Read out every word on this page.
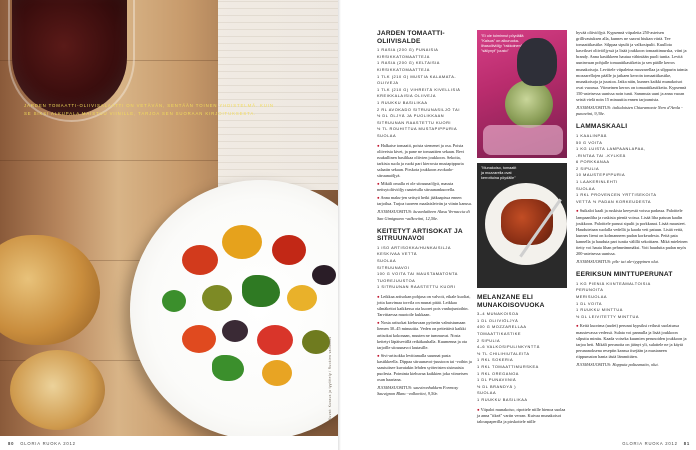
JARDEN TOMAATTI-OLIIVISALAATTI ON VETÄVÄN, SENTÄÄN TOINEN YHDISTELMÄ. KUIN SE SIKSI ALKUPALA MAISTUU VIINILLE, TARJOA SEN SUORAAN KIRJOITUKSESTA.
Kuvat: Kuvaus ja tyylittely / Ruokien valmistus
80 GLORIA RUOKA 2012
JARDEN TOMAATTI-OLIIVISALDE
1 RASIA (200 G) PUNAISIA
KIRSIKKATOMAATTEJA
1 RASIA (200 G) KELTAISIA
KIRSIKKATOMAATTEJA
1 TLK (210 G) MUSTIA KALAMATA-
OLIIVEJA
1 TLK (210 G) VIHREITÄ KIVELLISIÄ
KREIKKALAISIA OLIIVEJA
1 RUUKKU BASILIKAA
2 RL AVOKADO SITRUUNASILJÖ TAI
½ DL ÖLJYÄ JA PUOLIKKAAN
SITRUUNAN RAASTETTU KUORI
½ TL ROUHITTUA MUSTAPIPPURIA
SUOLAA
● Halkaise tomaatit, poista siemenet ja osa. Poista oliiveista kivet, ja pane ne tomaattien sekaan. Revi ruukullinen basilikaa oliivien joukkoon. Sekoita, tarkista suola ja ruoki pari kierrosta mustapippuria salaatin sekaan. Pirskota joukkoon avokado-sitruunaöljyä.
● Mikäli omalla et ole sitruunaöljyä, maustа neitsytoliiviöljy raastetulla sitruunankuorella.
● Anna maku-jen seitsyä hetki jääkaapissa ennen tarjoilua. Tarjoa tuoreen maalaisleivän ja viinin kanssa.
JUOMASUOSITUS: kuvanlaiheen Alasu Vernaccia di San Gimignano -valkoviini, 12,50e.
KEITETYT ARTISOKAT JA SITRUUNAVOI
1 ISO ARTISOKKA/HUNKAISILJA
KESKIVAA VETTÄ
SUOLAA
SITRUUNAVOI
100 G VOITA TAI MAUSTAMATONTA
TUOREJUUSTOA
1 SITRUUNAN RAASTETTU KUORI
● Leikkaa artisokan pohjasa on valvoit, eikale kuoliat, jotta kasvimaa torvila on munat pitää. Leikkaa silmäkeitot kaikkessa ota kuoret pois vanhojuntoihin. Tarvittaessa muotoile kukkaan.
● Nosta artisokat kiehuvaan pyöreän valmistumaan liemen 30–45 minuuttia. Veden on peitettävä kaikki artisokat kokonaan, muuten ne tummuvat. Nosta keitetyt läpäisevällä reikäkauhalla. Kuumenna ja ota tarjoille sitruunavoi lautasille.
● Sivi-artisokka levittamalla suunnat pasta kastikkeella. Dippaa sitruunavoi-juustoon tai -voihin ja saastuitsee kuvatakin lehden syöteristen sisimaista puolesta. Poiminta kiehuvaa kaikkien joka viimeisen osan haariana.
JUOMASUOSITUS: sauvieonhakkem Formosy Sauvignon Blanc -valkoviini, 9,50e.
"Ei ole toiminnut pöydällä
"Kaisus" on alkuruoka-
lihasoliiviöljy "rakkoinen"
"säilynyt" juusto"
"Munakoiso, tomaatit
ja mozzarella ovat
kerrottuina pöydälle"
MELANZANE ELI MUNAKOISOVUOKA
3–4 MUNAKOISOA
1 DL OLIIVIÖLJYÄ
400 G MOZZARELLAA
TOMAATTIKASTIKE
2 SIPULIA
4–6 VALKOSIPULINKYNTTÄ
½ TL CHILIHIUTALEITA
1 RKL SOKERIA
1 RKL TOMAATTIMURSKEA
1 RKL OREGANOA
1 DL PUNAVIINIÄ
½ DL BRANDYÄ )
SUOLAA
1 RUUKKU BASILIKAA
● Viipaloi munakoiso, ripottele niille hienoa suolaa ja anna "itkeä" vartin verran. Kuivaa munakoisot talouspaperilla ja pirskottele niille
hyvää oliiviöljyä. Kypsennä viipaleita 250-asteisen grillivastuksen alla, kunnes ne saavat hiukan väriä. Tee tomaattikastike. Silppaa sipulit ja valkosipulit. Kuullota kasvikset oliiviöljyssä ja lisää joukkoon tomaattimurska, viini ja brandy. Anna kastikkeen hautua vähintään puoli tuntia. Levitä uuninvuan pohjalle tomaattikastiketta ja sen päälle kerros munakoisoja. Levittele viipaleina mozzarellaa ja silppurin taimia mozzarellojen päälle ja jatkaen kerroin tomaattikastike, munakoisoja ja juustoa. Jatka näin, kunnes kaikki munakoisot ovat vuoassa. Viimeinen kerros on tomaattikastiketta. Kypsennä 150-asteisessa uunissa noin tunti. Sammuta uuni ja anna vuoan seistä vielä noin 15 minuuttia ennen tarjoamista.
JUOMASUOSITUS: italialaisten Chiaramonte Nero d'Avola -punaviini, 9,30e.
LAMMASKAALI
1 KAALINPÄÄ
50 G VOITA
1 KG LUISTA LAMPAANLAPAA,
-RINTAA TAI -KYLKEÄ
6 PORKKANAA
2 SIPULIA
10 MAUSTEPIPPURIA
1 LAAKERINLEHTI
SUOLAA
1 RKL PROVENCEN YRTTISEKOITA
VETTÄ ½ PADAN KORKEUDESTA
● Suikaloi kaali ja ruskista keeyestä voissa padassa. Paloittele lampaanliha ja ruskista pieniä voissa. Lisää liha patuun kaalin joukkoon. Paloittele paruut sipulit ja porkkanat. Lisää mausteet. Haudutetaan suolalla vedellä ja kaada veti patuun. Lisää vettä, kunnes liemi on kolmanneen padan korkeudesta. Peitä pata kannella ja haudutа pari tuntia välillä sekoittaen. Mikä mieleinen tietty voi hauta lihan pehmeämmäksi. Voit haudutta padan myös 200-asteisessa uunissa.
JUOMASUOSITUS: pils- tai ale-tyyppinen olut.
EERIKSUN MINTTUPERUNAT
1 KG PIENIÄ KIINTEÄMALTOISIA
PERUNOITA
MERISUOLAA
1 DL VOITA
1 RUUKKU MINTTUA
½ DL LEIVITETTY MINTTUA
● Keitä kuorima (uudet) perunat kypsiksi reilusti suolatussa maustevassa vedessä. Sulata voi pannulla ja lisää joukkoon silputtu minttu. Kaada voiseka kuumien perunoiden joukkoon ja tarjoa heti. Mikäli perunoita on jäänyt yli, sulattele ne ja käytä perunanoksena reseptin kanssa itsejään ja mustaneen riippumaton hanta iästä lämmittäen.
JUOMASUOSITUS: Happuia paltusmaito, olut.
GLORIA RUOKA 2012 81
